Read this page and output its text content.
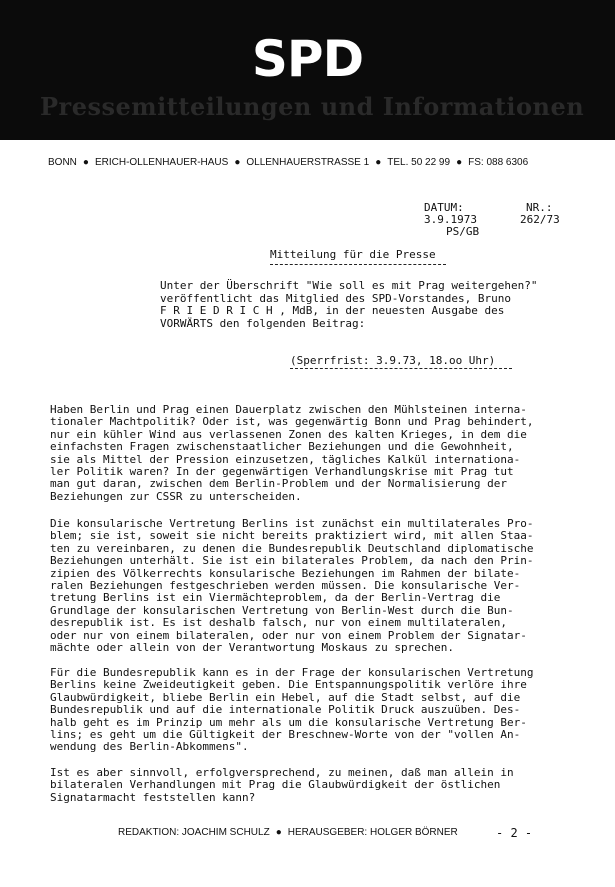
SPD
Pressemitteilungen und Informationen
BONN ● ERICH-OLLENHAUER-HAUS ● OLLENHAUERSTRASSE 1 ● TEL. 50 22 99 ● FS: 088 6306
DATUM:	NR.:
3.9.1973	262/73
PS/GB
Mitteilung für die Presse
Unter der Überschrift "Wie soll es mit Prag weitergehen?"
veröffentlicht das Mitglied des SPD-Vorstandes, Bruno
F R I E D R I C H , MdB, in der neuesten Ausgabe des
VORWÄRTS den folgenden Beitrag:
(Sperrfrist: 3.9.73, 18.oo Uhr)
Haben Berlin und Prag einen Dauerplatz zwischen den Mühlsteinen interna-
tionaler Machtpolitik? Oder ist, was gegenwärtig Bonn und Prag behindert,
nur ein kühler Wind aus verlassenen Zonen des kalten Krieges, in dem die
einfachsten Fragen zwischenstaatlicher Beziehungen und die Gewohnheit,
sie als Mittel der Pression einzusetzen, tägliches Kalkül internationa-
ler Politik waren? In der gegenwärtigen Verhandlungskrise mit Prag tut
man gut daran, zwischen dem Berlin-Problem und der Normalisierung der
Beziehungen zur CSSR zu unterscheiden.
Die konsularische Vertretung Berlins ist zunächst ein multilaterales Pro-
blem; sie ist, soweit sie nicht bereits praktiziert wird, mit allen Staa-
ten zu vereinbaren, zu denen die Bundesrepublik Deutschland diplomatische
Beziehungen unterhält. Sie ist ein bilaterales Problem, da nach den Prin-
zipien des Völkerrechts konsularische Beziehungen im Rahmen der bilate-
ralen Beziehungen festgeschrieben werden müssen. Die konsularische Ver-
tretung Berlins ist ein Viermächteproblem, da der Berlin-Vertrag die
Grundlage der konsularischen Vertretung von Berlin-West durch die Bun-
desrepublik ist. Es ist deshalb falsch, nur von einem multilateralen,
oder nur von einem bilateralen, oder nur von einem Problem der Signatar-
mächte oder allein von der Verantwortung Moskaus zu sprechen.
Für die Bundesrepublik kann es in der Frage der konsularischen Vertretung
Berlins keine Zweideutigkeit geben. Die Entspannungspolitik verlöre ihre
Glaubwürdigkeit, bliebe Berlin ein Hebel, auf die Stadt selbst, auf die
Bundesrepublik und auf die internationale Politik Druck auszuüben. Des-
halb geht es im Prinzip um mehr als um die konsularische Vertretung Ber-
lins; es geht um die Gültigkeit der Breschnew-Worte von der "vollen An-
wendung des Berlin-Abkommens".
Ist es aber sinnvoll, erfolgversprechend, zu meinen, daß man allein in
bilateralen Verhandlungen mit Prag die Glaubwürdigkeit der östlichen
Signatarmacht feststellen kann?
REDAKTION: JOACHIM SCHULZ ● HERAUSGEBER: HOLGER BÖRNER	- 2 -
